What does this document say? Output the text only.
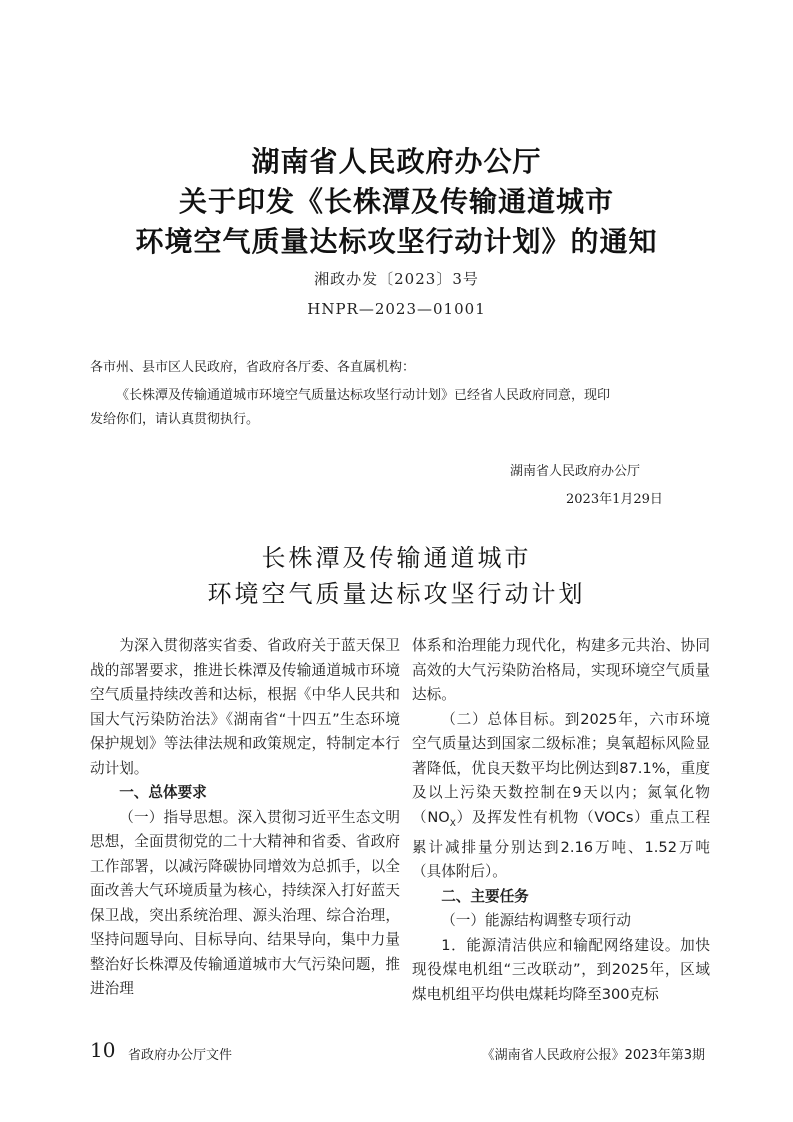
湖南省人民政府办公厅
关于印发《长株潭及传输通道城市
环境空气质量达标攻坚行动计划》的通知
湘政办发〔2023〕3号
HNPR—2023—01001
各市州、县市区人民政府，省政府各厅委、各直属机构：
《长株潭及传输通道城市环境空气质量达标攻坚行动计划》已经省人民政府同意，现印
发给你们，请认真贯彻执行。
湖南省人民政府办公厅
2023年1月29日
长株潭及传输通道城市
环境空气质量达标攻坚行动计划

为深入贯彻落实省委、省政府关于蓝天保卫战的部署要求，推进长株潭及传输通道城市环境空气质量持续改善和达标，根据《中华人民共和国大气污染防治法》《湖南省“十四五”生态环境保护规划》等法律法规和政策规定，特制定本行动计划。

一、总体要求

（一）指导思想。深入贯彻习近平生态文明思想，全面贯彻党的二十大精神和省委、省政府工作部署，以减污降碳协同增效为总抓手，以全面改善大气环境质量为核心，持续深入打好蓝天保卫战，突出系统治理、源头治理、综合治理，坚持问题导向、目标导向、结果导向，集中力量整治好长株潭及传输通道城市大气污染问题，推进治理

体系和治理能力现代化，构建多元共治、协同高效的大气污染防治格局，实现环境空气质量达标。

（二）总体目标。到2025年，六市环境空气质量达到国家二级标准；臭氧超标风险显著降低，优良天数平均比例达到87.1%，重度及以上污染天数控制在9天以内；氮氧化物$(NO_X)$及挥发性有机物（VOCs）重点工程累计减排量分别达到2.16万吨、1.52万吨（具体附后）。

二、主要任务

（一）能源结构调整专项行动

1．能源清洁供应和输配网络建设。加快现役煤电机组“三改联动”，到2025年，区域煤电机组平均供电煤耗均降至300克标

10 省政府办公厅文件	《湖南省人民政府公报》2023年第3期
